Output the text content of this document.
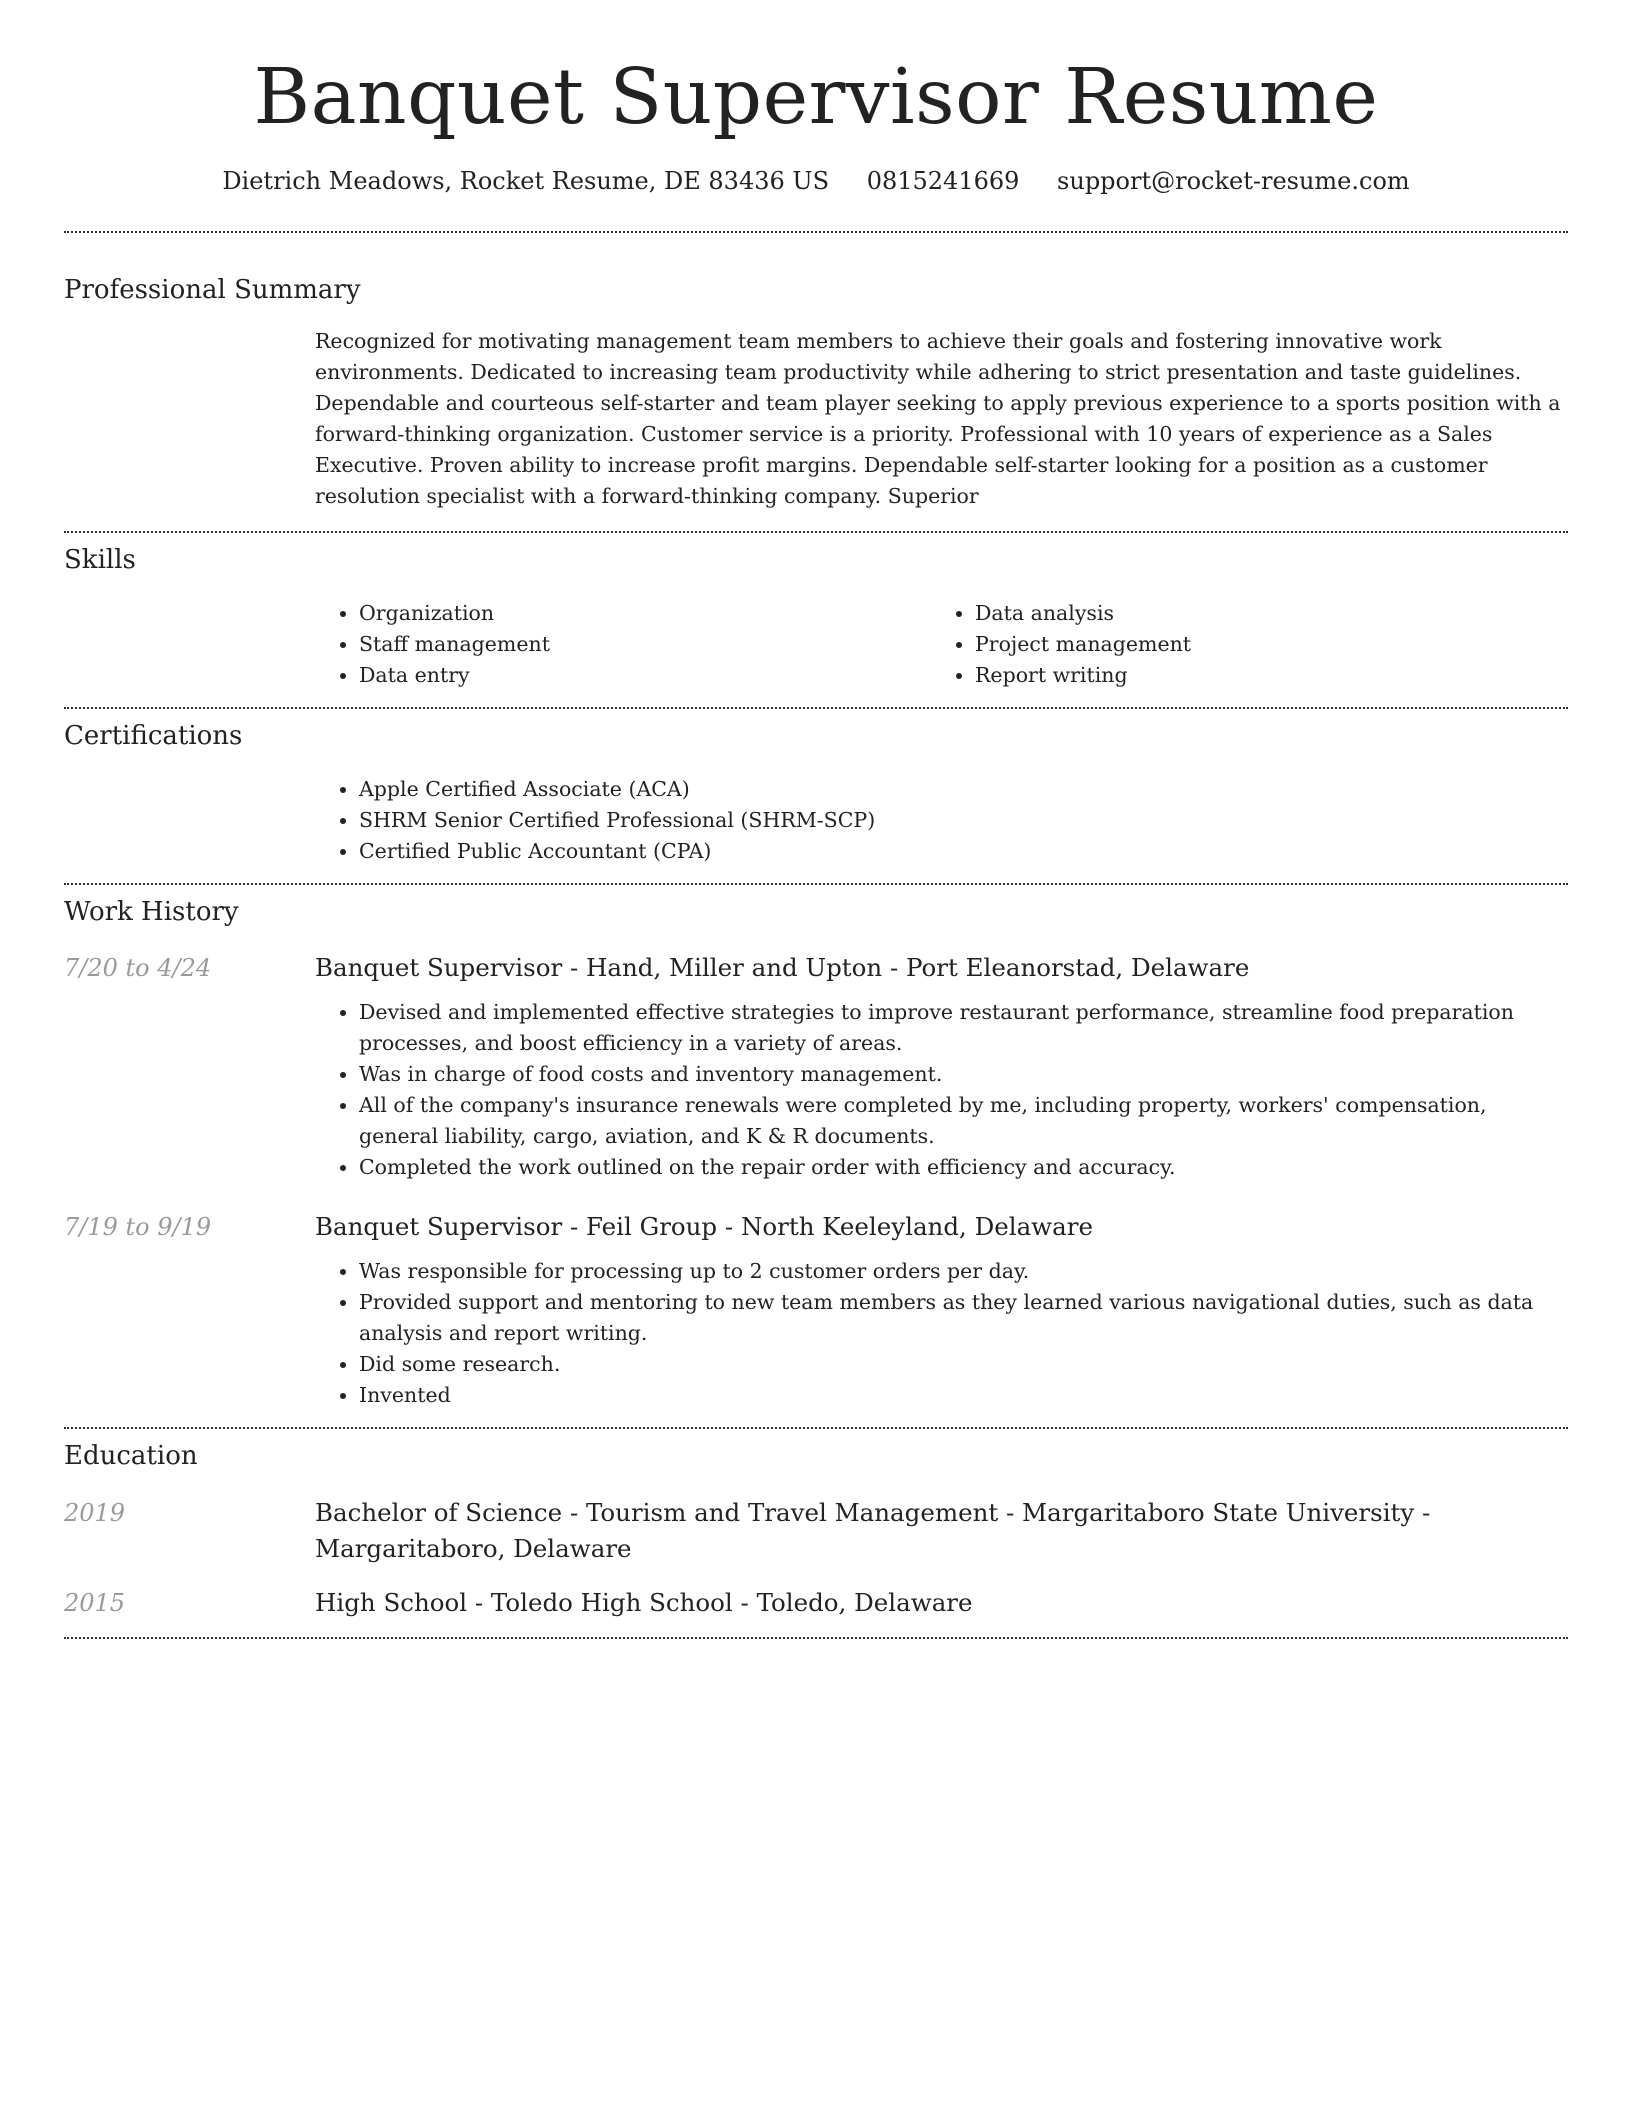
Banquet Supervisor Resume
Dietrich Meadows, Rocket Resume, DE 83436 US 0815241669 support@rocket-resume.com
Professional Summary
Recognized for motivating management team members to achieve their goals and fostering innovative work environments. Dedicated to increasing team productivity while adhering to strict presentation and taste guidelines. Dependable and courteous self-starter and team player seeking to apply previous experience to a sports position with a forward-thinking organization. Customer service is a priority. Professional with 10 years of experience as a Sales Executive. Proven ability to increase profit margins. Dependable self-starter looking for a position as a customer resolution specialist with a forward-thinking company. Superior
Skills
• Organization
• Staff management
• Data entry
• Data analysis
• Project management
• Report writing
Certifications
• Apple Certified Associate (ACA)
• SHRM Senior Certified Professional (SHRM-SCP)
• Certified Public Accountant (CPA)
Work History
7/20 to 4/24	Banquet Supervisor - Hand, Miller and Upton - Port Eleanorstad, Delaware
• Devised and implemented effective strategies to improve restaurant performance, streamline food preparation processes, and boost efficiency in a variety of areas.
• Was in charge of food costs and inventory management.
• All of the company's insurance renewals were completed by me, including property, workers' compensation, general liability, cargo, aviation, and K & R documents.
• Completed the work outlined on the repair order with efficiency and accuracy.
7/19 to 9/19	Banquet Supervisor - Feil Group - North Keeleyland, Delaware
• Was responsible for processing up to 2 customer orders per day.
• Provided support and mentoring to new team members as they learned various navigational duties, such as data analysis and report writing.
• Did some research.
• Invented
Education
2019	Bachelor of Science - Tourism and Travel Management - Margaritaboro State University - Margaritaboro, Delaware
2015	High School - Toledo High School - Toledo, Delaware
